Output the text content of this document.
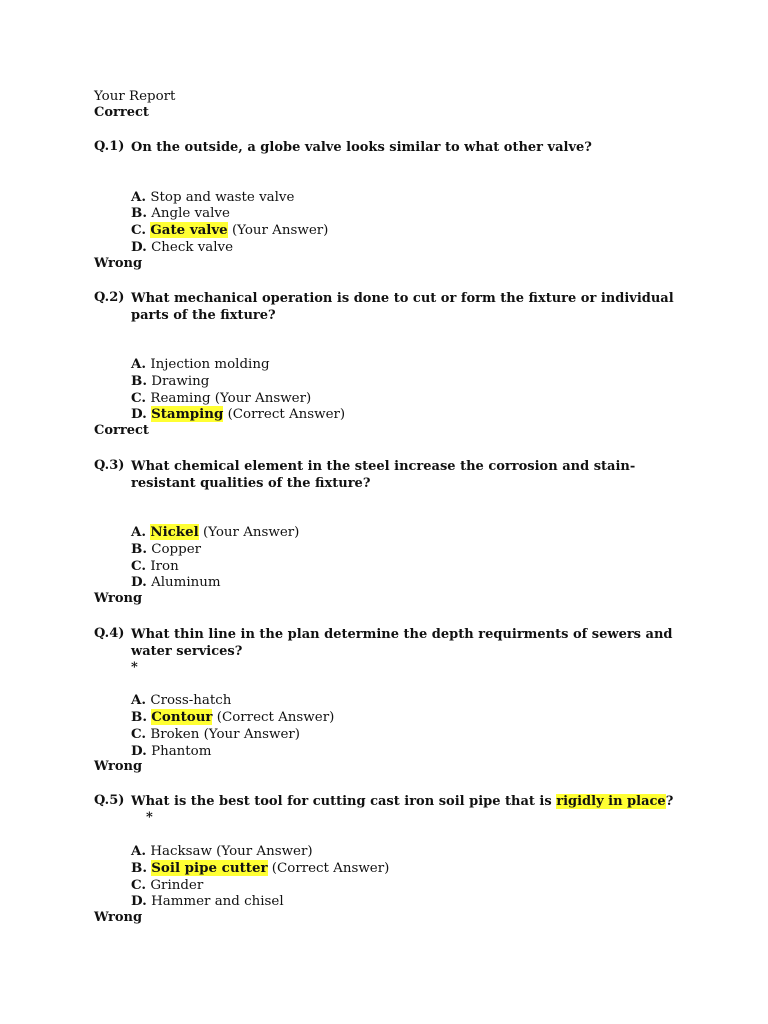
Your Report
Correct
Q.1) On the outside, a globe valve looks similar to what other valve?
A. Stop and waste valve
B. Angle valve
C. Gate valve (Your Answer)
D. Check valve
Wrong
Q.2) What mechanical operation is done to cut or form the fixture or individual parts of the fixture?
A. Injection molding
B. Drawing
C. Reaming (Your Answer)
D. Stamping (Correct Answer)
Correct
Q.3) What chemical element in the steel increase the corrosion and stain-resistant qualities of the fixture?
A. Nickel (Your Answer)
B. Copper
C. Iron
D. Aluminum
Wrong
Q.4) What thin line in the plan determine the depth requirments of sewers and water services?
*
A. Cross-hatch
B. Contour (Correct Answer)
C. Broken (Your Answer)
D. Phantom
Wrong
Q.5) What is the best tool for cutting cast iron soil pipe that is rigidly in place?
*
A. Hacksaw (Your Answer)
B. Soil pipe cutter (Correct Answer)
C. Grinder
D. Hammer and chisel
Wrong
